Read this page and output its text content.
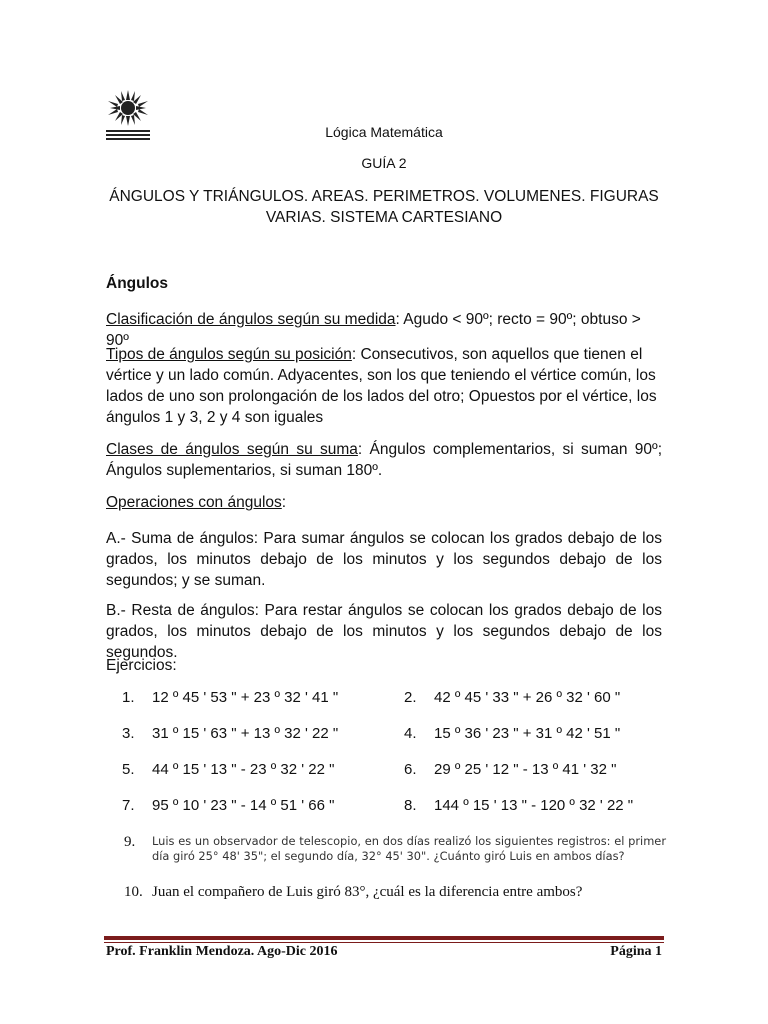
Lógica Matemática
GUÍA 2
ÁNGULOS Y TRIÁNGULOS. AREAS. PERIMETROS. VOLUMENES. FIGURAS
VARIAS. SISTEMA CARTESIANO
Ángulos
Clasificación de ángulos según su medida: Agudo < 90º; recto = 90º; obtuso > 90º
Tipos de ángulos según su posición: Consecutivos, son aquellos que tienen el vértice y un lado común. Adyacentes, son los que teniendo el vértice común, los lados de uno son prolongación de los lados del otro; Opuestos por el vértice, los ángulos 1 y 3, 2 y 4 son iguales
Clases de ángulos según su suma: Ángulos complementarios, si suman 90º; Ángulos suplementarios, si suman 180º.
Operaciones con ángulos:
A.- Suma de ángulos: Para sumar ángulos se colocan los grados debajo de los grados, los minutos debajo de los minutos y los segundos debajo de los segundos; y se suman.
B.- Resta de ángulos: Para restar ángulos se colocan los grados debajo de los grados, los minutos debajo de los minutos y los segundos debajo de los segundos.
Ejercicios:
1. 12 º 45 ' 53 " + 23 º 32 ' 41 "	2. 42 º 45 ' 33 " + 26 º 32 ' 60 "
3. 31 º 15 ' 63 " + 13 º 32 ' 22 "	4. 15 º 36 ' 23 " + 31 º 42 ' 51 "
5. 44 º 15 ' 13 " - 23 º 32 ' 22 "	6. 29 º 25 ' 12 " - 13 º 41 ' 32 "
7. 95 º 10 ' 23 " - 14 º 51 ' 66 "	8. 144 º 15 ' 13 " - 120 º 32 ' 22 "
9. Luis es un observador de telescopio, en dos días realizó los siguientes registros: el primer día giró 25° 48' 35"; el segundo día, 32° 45' 30". ¿Cuánto giró Luis en ambos días?
10. Juan el compañero de Luis giró 83°, ¿cuál es la diferencia entre ambos?
Prof. Franklin Mendoza. Ago-Dic 2016	Página 1
